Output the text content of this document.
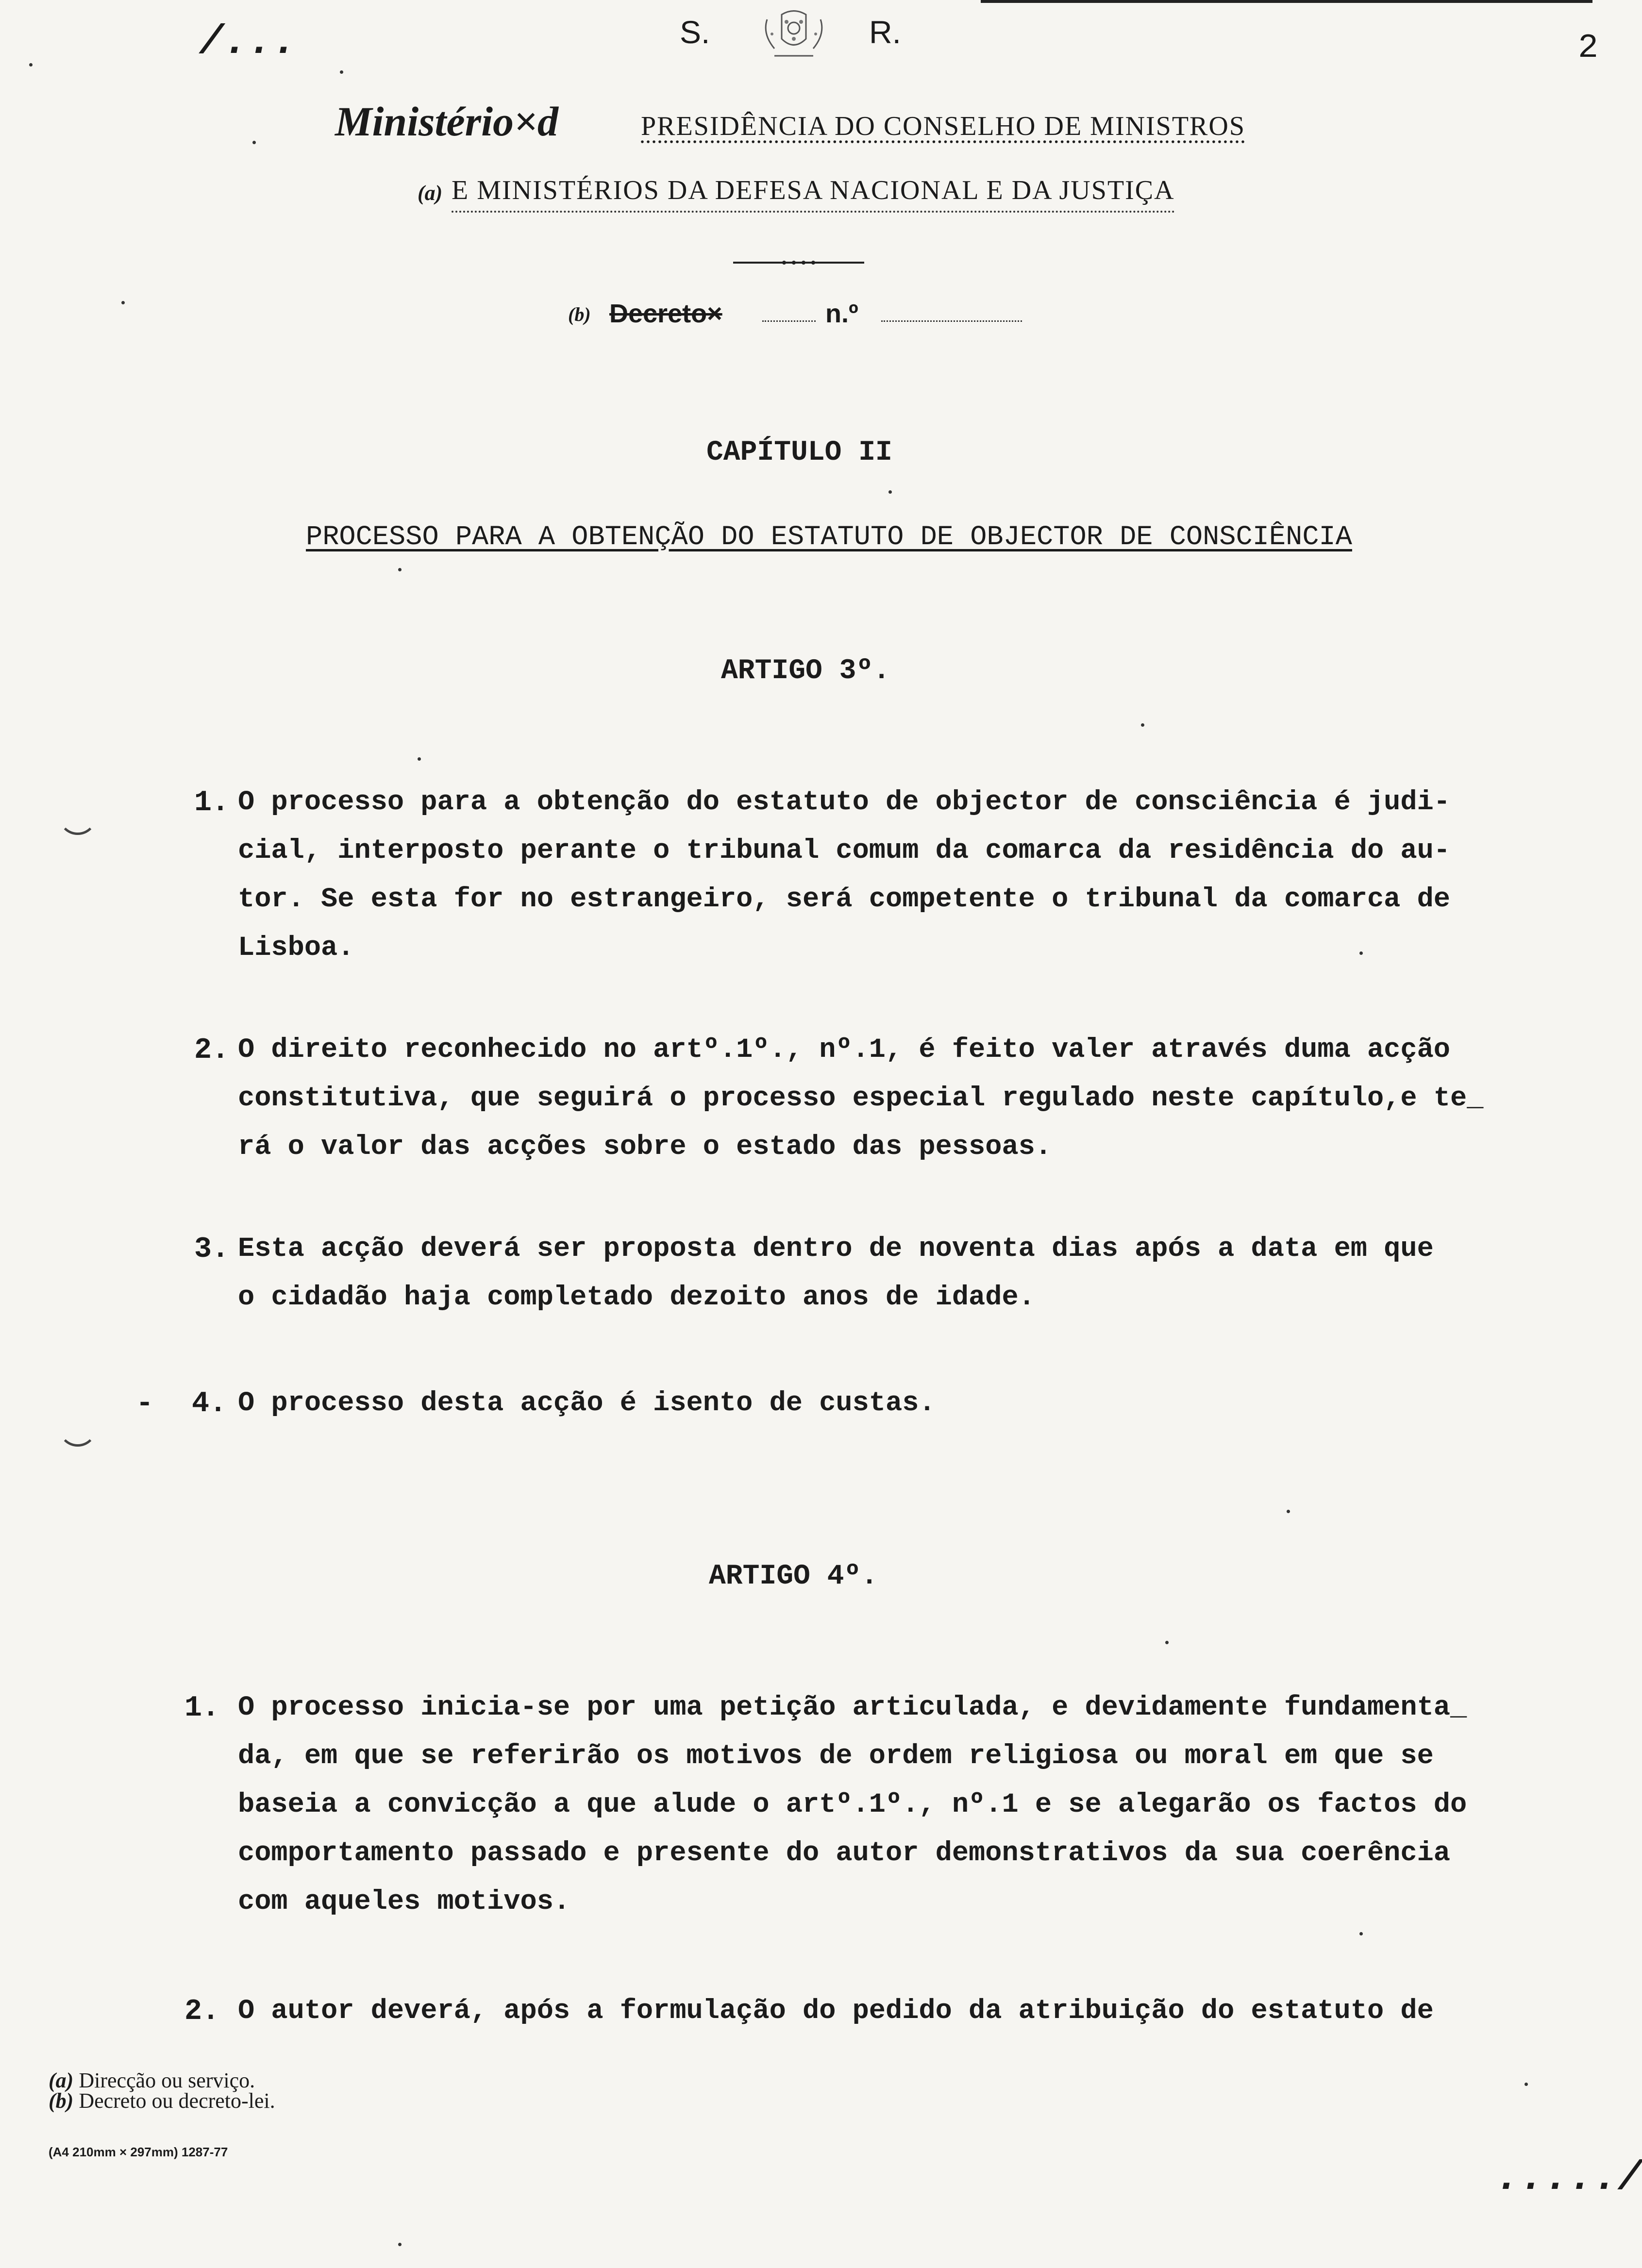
/...	S.	R.	2
Ministério×d	PRESIDÊNCIA DO CONSELHO DE MINISTROS
(a) E MINISTÉRIOS DA DEFESA NACIONAL E DA JUSTIÇA
(b) Decreto×	n.º
CAPÍTULO II
PROCESSO PARA A OBTENÇÃO DO ESTATUTO DE OBJECTOR DE CONSCIÊNCIA
ARTIGO 3º.
1. O processo para a obtenção do estatuto de objector de consciência é judi-
cial, interposto perante o tribunal comum da comarca da residência do au-
tor. Se esta for no estrangeiro, será competente o tribunal da comarca de
Lisboa.
2. O direito reconhecido no artº.1º., nº.1, é feito valer através duma acção
constitutiva, que seguirá o processo especial regulado neste capítulo,e te_
rá o valor das acções sobre o estado das pessoas.
3. Esta acção deverá ser proposta dentro de noventa dias após a data em que
o cidadão haja completado dezoito anos de idade.
- 4. O processo desta acção é isento de custas.
ARTIGO 4º.
1. O processo inicia-se por uma petição articulada, e devidamente fundamenta_
da, em que se referirão os motivos de ordem religiosa ou moral em que se
baseia a convicção a que alude o artº.1º., nº.1 e se alegarão os factos do
comportamento passado e presente do autor demonstrativos da sua coerência
com aqueles motivos.
2. O autor deverá, após a formulação do pedido da atribuição do estatuto de
(a) Direcção ou serviço.
(b) Decreto ou decreto-lei.
(A4 210mm × 297mm) 1287-77
...../
